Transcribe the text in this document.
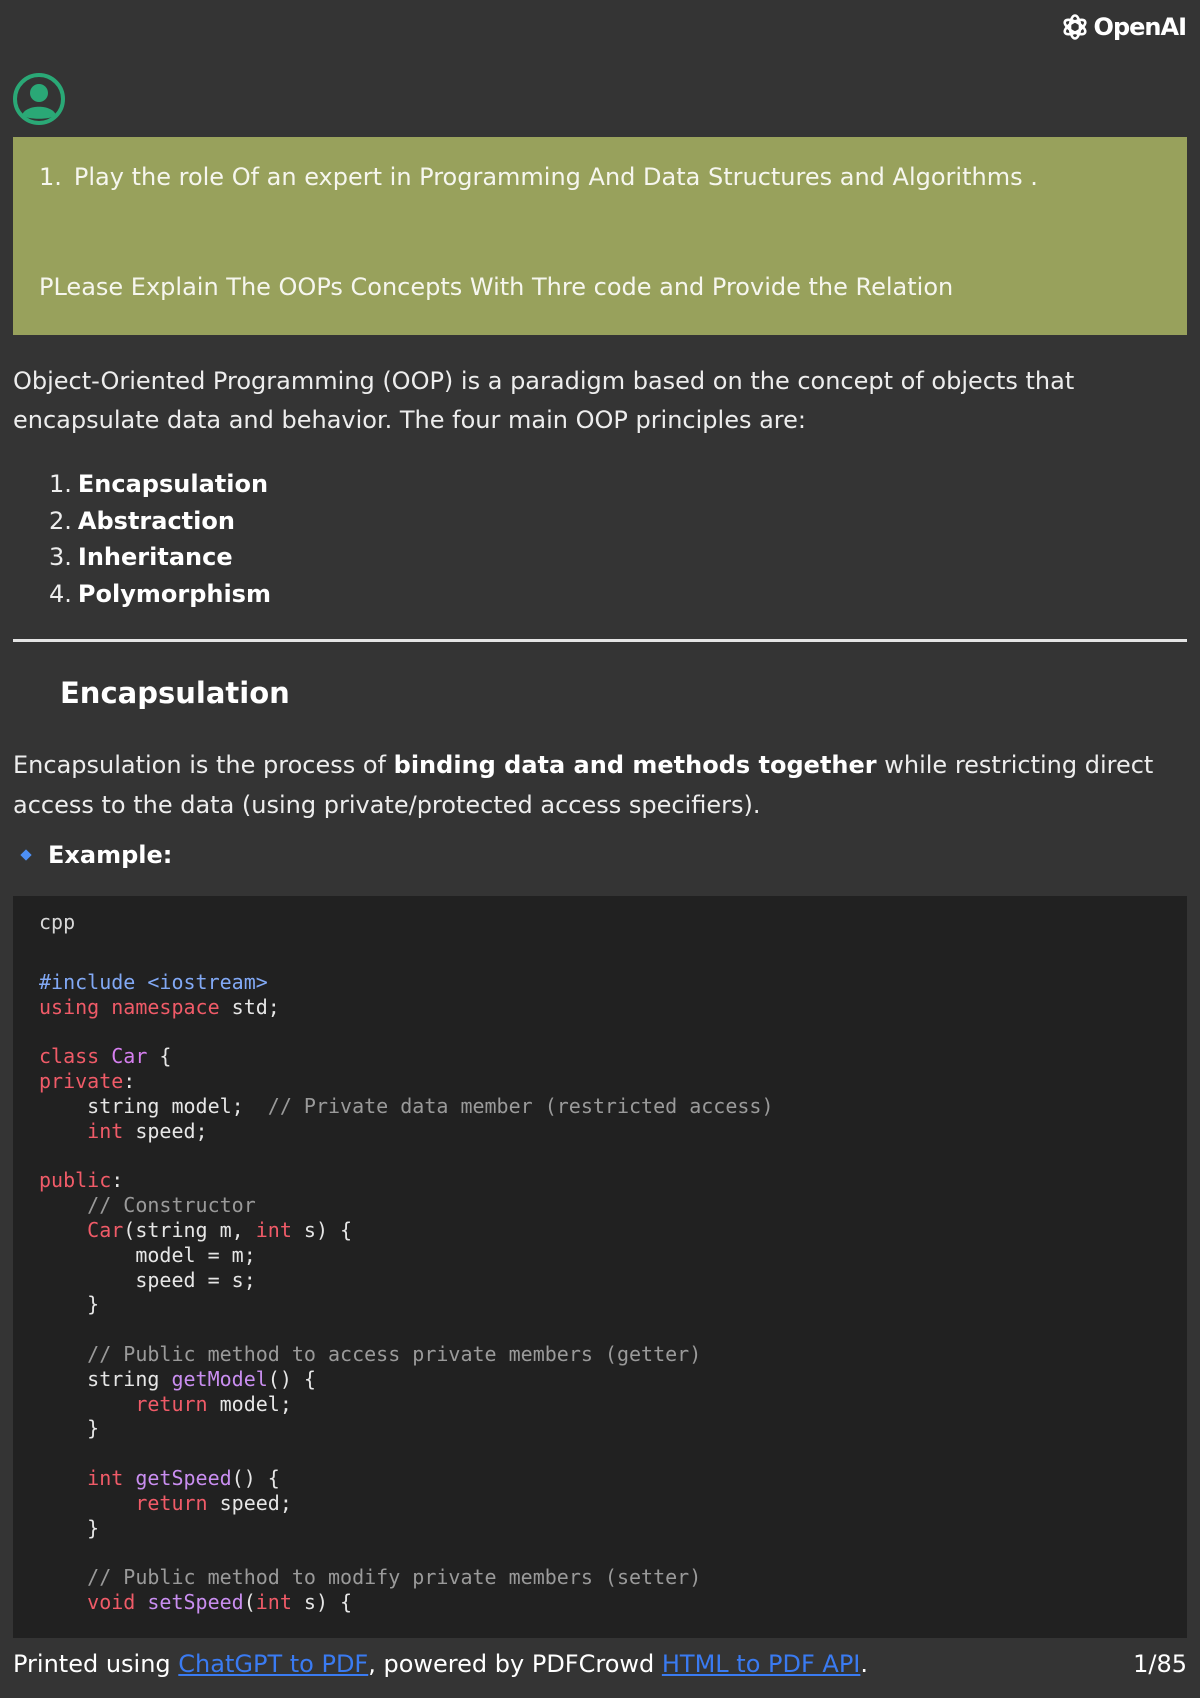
OpenAI
1. Play the role Of an expert in Programming And Data Structures and Algorithms .
PLease Explain The OOPs Concepts With Thre code and Provide the Relation
Object-Oriented Programming (OOP) is a paradigm based on the concept of objects that encapsulate data and behavior. The four main OOP principles are:
1. Encapsulation
2. Abstraction
3. Inheritance
4. Polymorphism
Encapsulation
Encapsulation is the process of binding data and methods together while restricting direct access to the data (using private/protected access specifiers).
Example:
cpp
#include <iostream>
using namespace std;

class Car {
private:
string model;  // Private data member (restricted access)
int speed;

public:
// Constructor
Car(string m, int s) {
model = m;
speed = s;
}

// Public method to access private members (getter)
string getModel() {
return model;
}

int getSpeed() {
return speed;
}

// Public method to modify private members (setter)
void setSpeed(int s) {
Printed using ChatGPT to PDF, powered by PDFCrowd HTML to PDF API.	1/85
